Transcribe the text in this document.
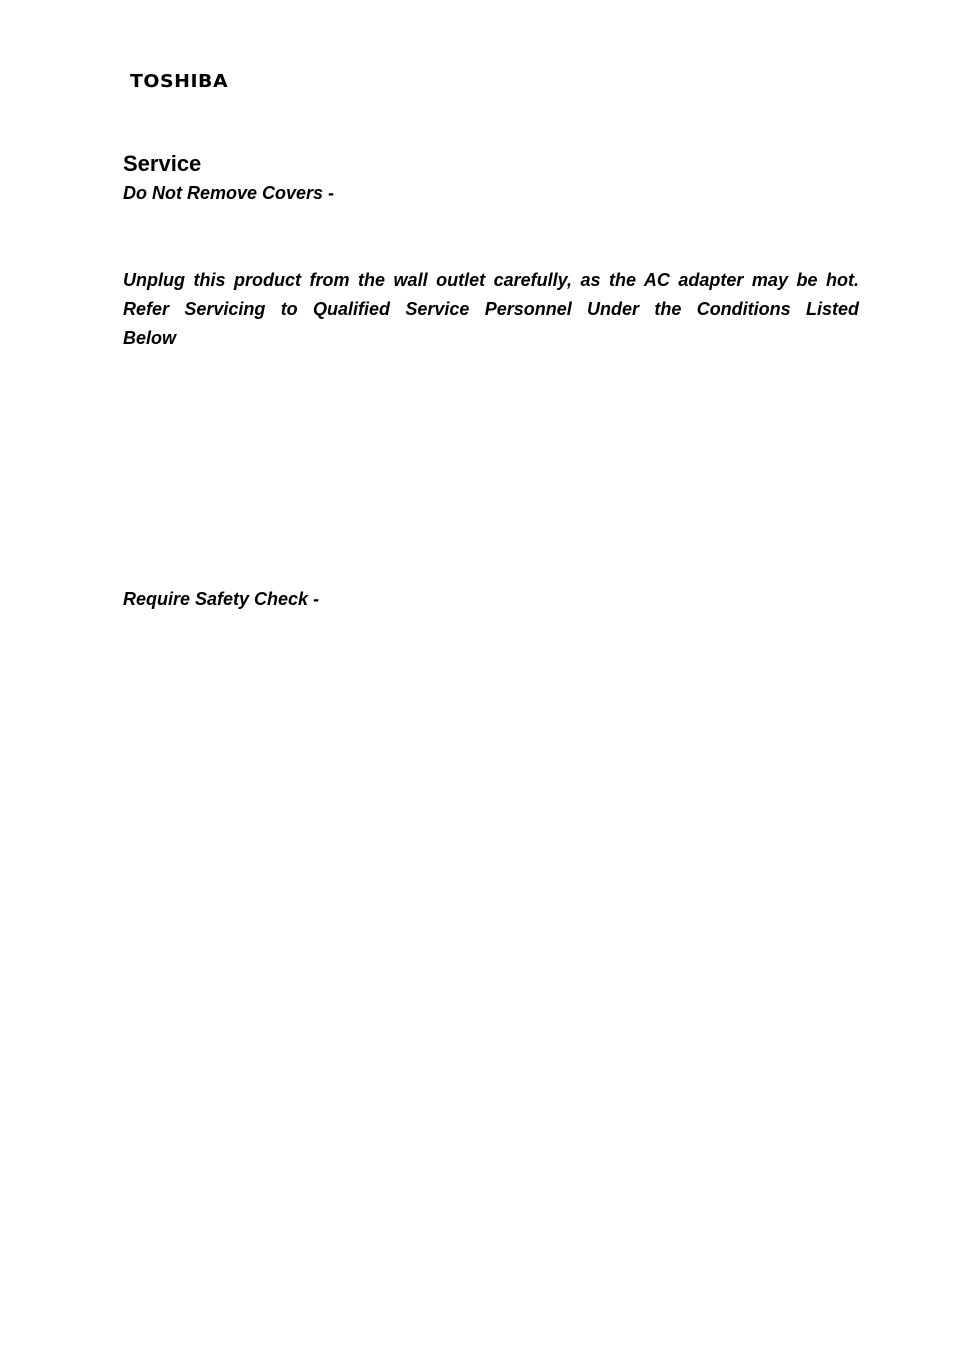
TOSHIBA
Service
Do Not Remove Covers -
Unplug this product from the wall outlet carefully, as the AC adapter may be hot.
Refer Servicing to Qualified Service Personnel Under the Conditions Listed
Below
Require Safety Check -
